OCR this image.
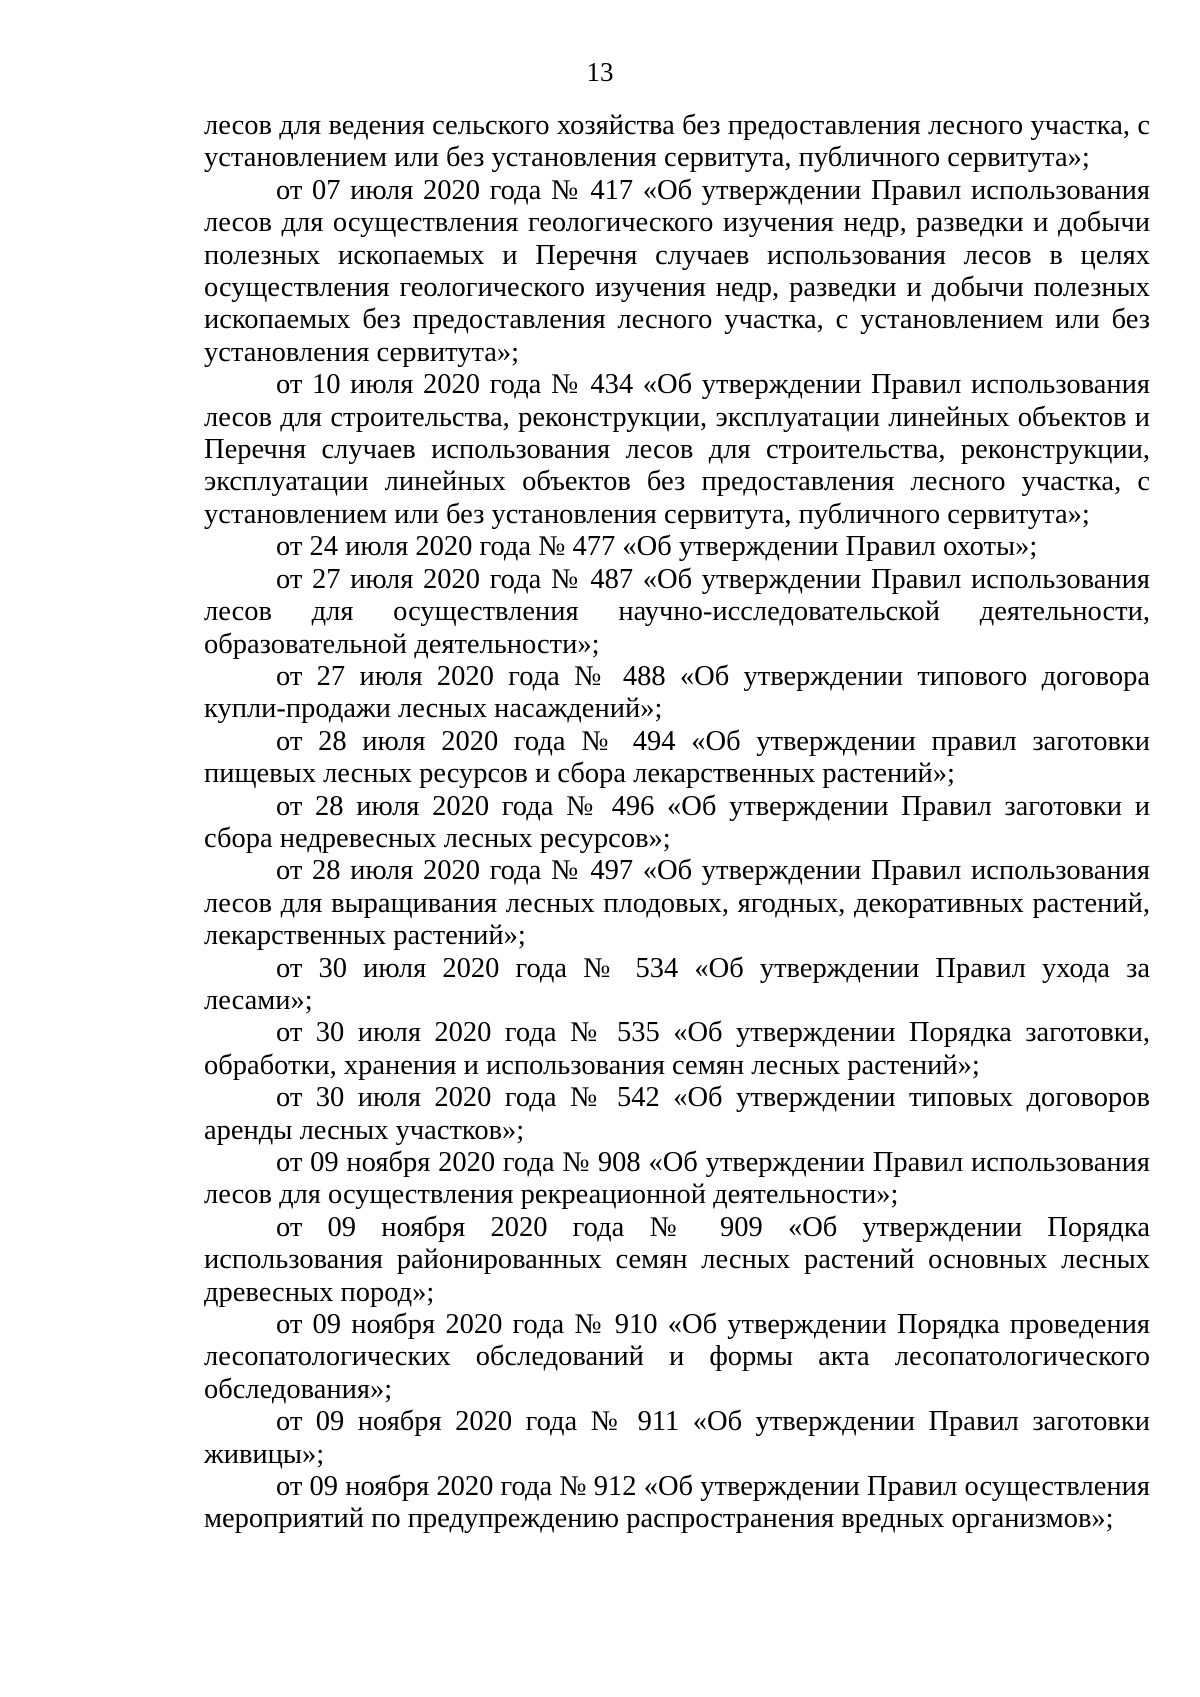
13

лесов для ведения сельского хозяйства без предоставления лесного участка, с установлением или без установления сервитута, публичного сервитута»;

от 07 июля 2020 года № 417 «Об утверждении Правил использования лесов для осуществления геологического изучения недр, разведки и добычи полезных ископаемых и Перечня случаев использования лесов в целях осуществления геологического изучения недр, разведки и добычи полезных ископаемых без предоставления лесного участка, с установлением или без установления сервитута»;

от 10 июля 2020 года № 434 «Об утверждении Правил использования лесов для строительства, реконструкции, эксплуатации линейных объектов и Перечня случаев использования лесов для строительства, реконструкции, эксплуатации линейных объектов без предоставления лесного участка, с установлением или без установления сервитута, публичного сервитута»;

от 24 июля 2020 года № 477 «Об утверждении Правил охоты»;

от 27 июля 2020 года № 487 «Об утверждении Правил использования лесов для осуществления научно-исследовательской деятельности, образовательной деятельности»;

от 27 июля 2020 года № 488 «Об утверждении типового договора купли-продажи лесных насаждений»;

от 28 июля 2020 года № 494 «Об утверждении правил заготовки пищевых лесных ресурсов и сбора лекарственных растений»;

от 28 июля 2020 года № 496 «Об утверждении Правил заготовки и сбора недревесных лесных ресурсов»;

от 28 июля 2020 года № 497 «Об утверждении Правил использования лесов для выращивания лесных плодовых, ягодных, декоративных растений, лекарственных растений»;

от 30 июля 2020 года № 534 «Об утверждении Правил ухода за лесами»;

от 30 июля 2020 года № 535 «Об утверждении Порядка заготовки, обработки, хранения и использования семян лесных растений»;

от 30 июля 2020 года № 542 «Об утверждении типовых договоров аренды лесных участков»;

от 09 ноября 2020 года № 908 «Об утверждении Правил использования лесов для осуществления рекреационной деятельности»;

от 09 ноября 2020 года № 909 «Об утверждении Порядка использования районированных семян лесных растений основных лесных древесных пород»;

от 09 ноября 2020 года № 910 «Об утверждении Порядка проведения лесопатологических обследований и формы акта лесопатологического обследования»;

от 09 ноября 2020 года № 911 «Об утверждении Правил заготовки живицы»;

от 09 ноября 2020 года № 912 «Об утверждении Правил осуществления мероприятий по предупреждению распространения вредных организмов»;
